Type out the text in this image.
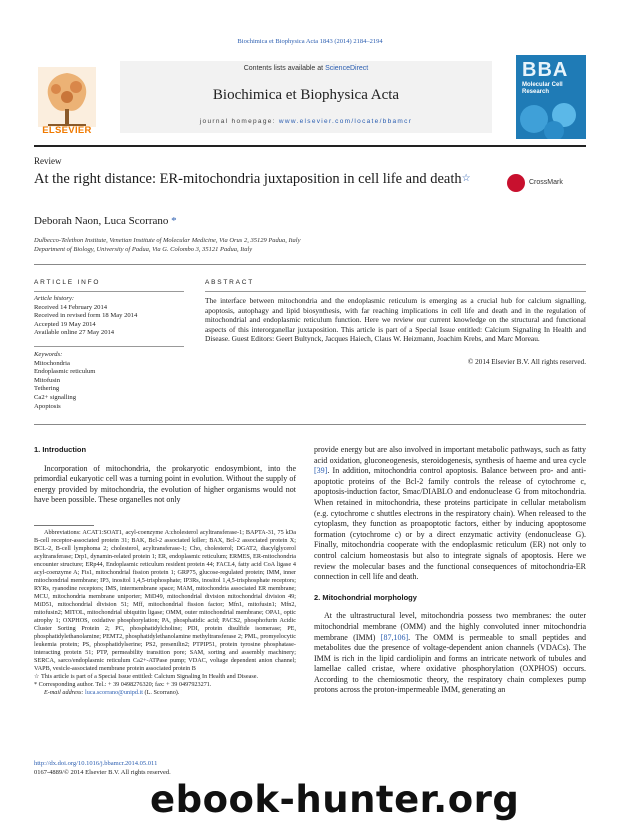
Biochimica et Biophysica Acta 1843 (2014) 2184–2194
ELSEVIER
Contents lists available at ScienceDirect
Biochimica et Biophysica Acta
journal homepage: www.elsevier.com/locate/bbamcr
BBA
Molecular Cell Research
Review
At the right distance: ER-mitochondria juxtaposition in cell life and death☆	CrossMark
Deborah Naon, Luca Scorrano *
Dulbecco-Telethon Institute, Venetian Institute of Molecular Medicine, Via Orus 2, 35129 Padua, Italy
Department of Biology, University of Padua, Via G. Colombo 3, 35121 Padua, Italy
ARTICLE INFO
Article history:
Received 14 February 2014
Received in revised form 18 May 2014
Accepted 19 May 2014
Available online 27 May 2014
Keywords:
Mitochondria
Endoplasmic reticulum
Mitofusin
Tethering
Ca2+ signalling
Apoptosis
ABSTRACT
The interface between mitochondria and the endoplasmic reticulum is emerging as a crucial hub for calcium signalling, apoptosis, autophagy and lipid biosynthesis, with far reaching implications in cell life and death and in the regulation of mitochondrial and endoplasmic reticulum function. Here we review our current knowledge on the structural and functional aspects of this interorganellar juxtaposition. This article is part of a Special Issue entitled: Calcium Signaling In Health and Disease. Guest Editors: Geert Bultynck, Jacques Haiech, Claus W. Heizmann, Joachim Krebs, and Marc Moreau.
© 2014 Elsevier B.V. All rights reserved.
1. Introduction

Incorporation of mitochondria, the prokaryotic endosymbiont, into the primordial eukaryotic cell was a turning point in evolution. Without the supply of energy provided by mitochondria, the evolution of higher organisms would not have been possible. These organelles not only

Abbreviations: ACAT1:SOAT1, acyl-coenzyme A:cholesterol acyltransferase-1; BAPTA-31, 75 kDa B-cell receptor-associated protein 31; BAK, Bcl-2 associated killer; BAX, Bcl-2 associated protein X; BCL-2, B-cell lymphoma 2; cholesterol, acyltransferase-1; Cho, cholesterol; DGAT2, diacylglycerol acyltransferase; Drp1, dynamin-related protein 1; ER, endoplasmic reticulum; ERMES, ER-mitochondria encounter structure; ERp44, Endoplasmic reticulum resident protein 44; FACL4, fatty acid CoA ligase 4 acyl-coenzyme A; Fis1, mitochondrial fission protein 1; GRP75, glucose-regulated protein; IMM, inner mitochondrial membrane; IP3, inositol 1,4,5-trisphosphate; IP3Rs, inositol 1,4,5-trisphosphate receptors; RYRs, ryanodine receptors; IMS, intermembrane space; MAM, mitochondria associated ER membrane; MCU, mitochondria membrane uniporter; MiD49, mitochondrial division mitochondrial division 49; MiD51, mitochondrial division 51; Mff, mitochondrial fission factor; Mfn1, mitofusin1; Mfn2, mitofusin2; MITOL, mitochondrial ubiquitin ligase; OMM, outer mitochondrial membrane; OPA1, optic atrophy 1; OXPHOS, oxidative phosphorylation; PA, phosphatidic acid; PACS2, phosphofurin Acidic Cluster Sorting Protein 2; PC, phosphatidylcholine; PDI, protein disulfide isomerase; PE, phosphatidylethanolamine; PEMT2, phosphatidylethanolamine methyltransferase 2; PML, promyelocytic leukemia protein; PS, phosphatidylserine; PS2, presenilin2; PTPIP51, protein tyrosine phosphatase-interacting protein 51; PTP, permeability transition pore; SAM, sorting and assembly machinery; SERCA, sarco/endoplasmic reticulum Ca2+-ATPase pump; VDAC, voltage dependent anion channel; VAPB, vesicle-associated membrane protein associated protein B
☆ This article is part of a Special Issue entitled: Calcium Signaling In Health and Disease.
* Corresponding author. Tel.: + 39 0498276320; fax: + 39 0497923271.
E-mail address: luca.scorrano@unipd.it (L. Scorrano).
http://dx.doi.org/10.1016/j.bbamcr.2014.05.011
0167-4889/© 2014 Elsevier B.V. All rights reserved.

provide energy but are also involved in important metabolic pathways, such as fatty acid oxidation, gluconeogenesis, steroidogenesis, synthesis of haeme and urea cycle [39]. In addition, mitochondria control apoptosis. Balance between pro- and anti-apoptotic proteins of the Bcl-2 family controls the release of cytochrome c, apoptosis-induction factor, Smac/DIABLO and endonuclease G from mitochondria. When retained in mitochondria, these proteins participate in cellular metabolism (e.g. cytochrome c shuttles electrons in the respiratory chain). When released to the cytoplasm, they function as proapoptotic factors, either by inducing apoptosome formation (cytochrome c) or by a direct enzymatic activity (endonuclease G). Finally, mitochondria cooperate with the endoplasmic reticulum (ER) not only to control calcium homeostasis but also to integrate signals of apoptosis. Here we review the molecular bases and the functional consequences of mitochondria-ER connection in cell life and death.

2. Mitochondrial morphology

At the ultrastructural level, mitochondria possess two membranes: the outer mitochondrial membrane (OMM) and the highly convoluted inner mitochondria membrane (IMM) [87,106]. The OMM is permeable to small peptides and metabolites due the presence of voltage-dependent anion channels (VDACs). The IMM is rich in the lipid cardiolipin and forms an intricate network of tubules and lamellae called cristae, where oxidative phosphorylation (OXPHOS) occurs. According to the chemiosmotic theory, the respiratory chain complexes pump protons across the proton-impermeable IMM, generating an

ebook-hunter.org
